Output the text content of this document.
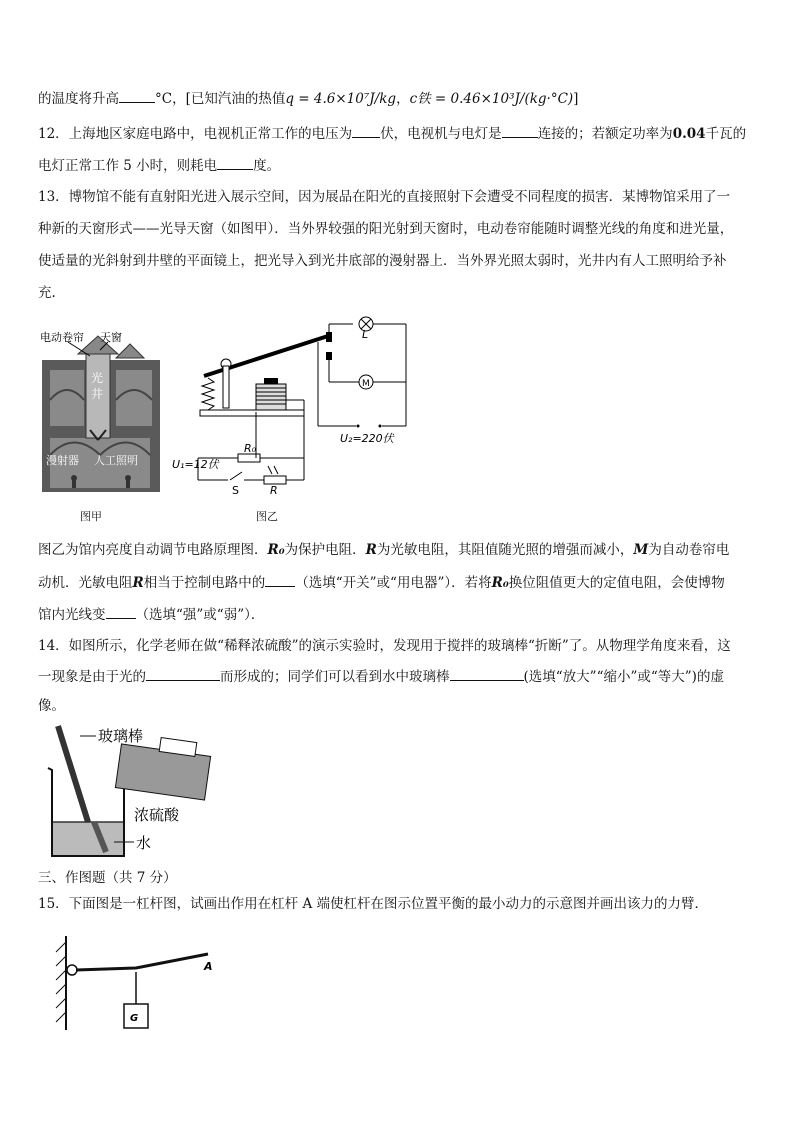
的温度将升高	°C，[已知汽油的热值q = 4.6×10⁷J/kg，c铁 = 0.46×10³J/(kg·°C)]
12．上海地区家庭电路中，电视机正常工作的电压为 伏，电视机与电灯是	连接的；若额定功率为0.04千瓦的
电灯正常工作 5 小时，则耗电	度。
13．博物馆不能有直射阳光进入展示空间，因为展品在阳光的直接照射下会遭受不同程度的损害．某博物馆采用了一
种新的天窗形式——光导天窗（如图甲）．当外界较强的阳光射到天窗时，电动卷帘能随时调整光线的角度和进光量，
使适量的光斜射到井壁的平面镜上，把光导入到光井底部的漫射器上．当外界光照太弱时，光井内有人工照明给予补
充.
电动卷帘 天窗
光
井
漫射器 人工照明
图甲
L
M
U₂=220伏
U₁=12伏
R₀
S	R
图乙
图乙为馆内亮度自动调节电路原理图．R₀为保护电阻．R为光敏电阻，其阻值随光照的增强而减小，M为自动卷帘电
动机．光敏电阻R相当于控制电路中的 （选填“开关”或“用电器”）．若将R₀换位阻值更大的定值电阻，会使博物
馆内光线变 （选填“强”或“弱”）．
14．如图所示，化学老师在做“稀释浓硫酸”的演示实验时，发现用于搅拌的玻璃棒“折断”了。从物理学角度来看，这
一现象是由于光的	而形成的；同学们可以看到水中玻璃棒	(选填“放大”“缩小”或“等大”)的虚
像。
玻璃棒
浓硫酸
水
三、作图题（共 7 分）
15．下面图是一杠杆图，试画出作用在杠杆 A 端使杠杆在图示位置平衡的最小动力的示意图并画出该力的力臂．
A
G
